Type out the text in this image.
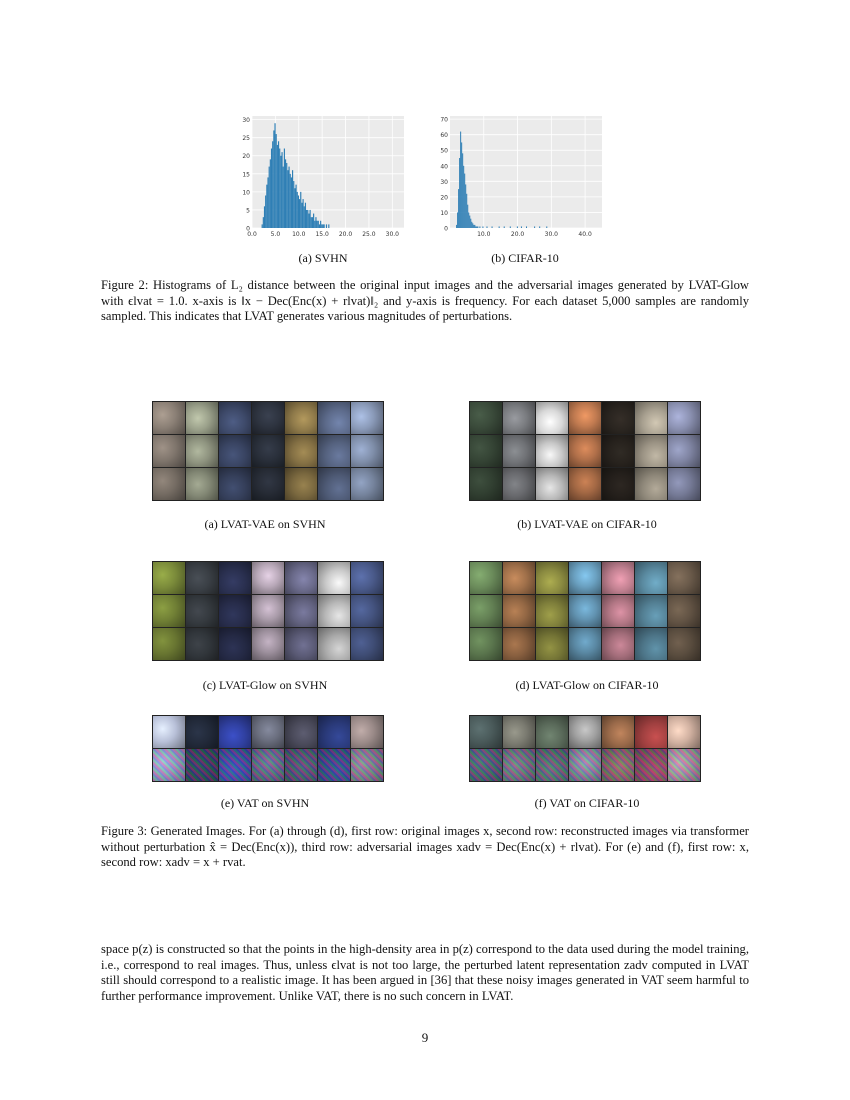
0
5
10
15
20
25
30
0.0 5.0 10.0 15.0 20.0 25.0 30.0
0
10
20
30
40
50
60
70
10.0	20.0	30.0	40.0
(a) SVHN	(b) CIFAR-10
Figure 2: Histograms of L₂ distance between the original input images and the adversarial images generated by LVAT-Glow with ϵlvat = 1.0. x-axis is ‖x − Dec(Enc(x) + rlvat)‖₂ and y-axis is frequency. For each dataset 5,000 samples are randomly sampled. This indicates that LVAT generates various magnitudes of perturbations.
(a) LVAT-VAE on SVHN	(b) LVAT-VAE on CIFAR-10
(c) LVAT-Glow on SVHN	(d) LVAT-Glow on CIFAR-10
(e) VAT on SVHN	(f) VAT on CIFAR-10
Figure 3: Generated Images. For (a) through (d), first row: original images x, second row: reconstructed images via transformer without perturbation x̂ = Dec(Enc(x)), third row: adversarial images xadv = Dec(Enc(x) + rlvat). For (e) and (f), first row: x, second row: xadv = x + rvat.
space p(z) is constructed so that the points in the high-density area in p(z) correspond to the data used during the model training, i.e., correspond to real images. Thus, unless ϵlvat is not too large, the perturbed latent representation zadv computed in LVAT still should correspond to a realistic image. It has been argued in [36] that these noisy images generated in VAT seem harmful to further performance improvement. Unlike VAT, there is no such concern in LVAT.
9
